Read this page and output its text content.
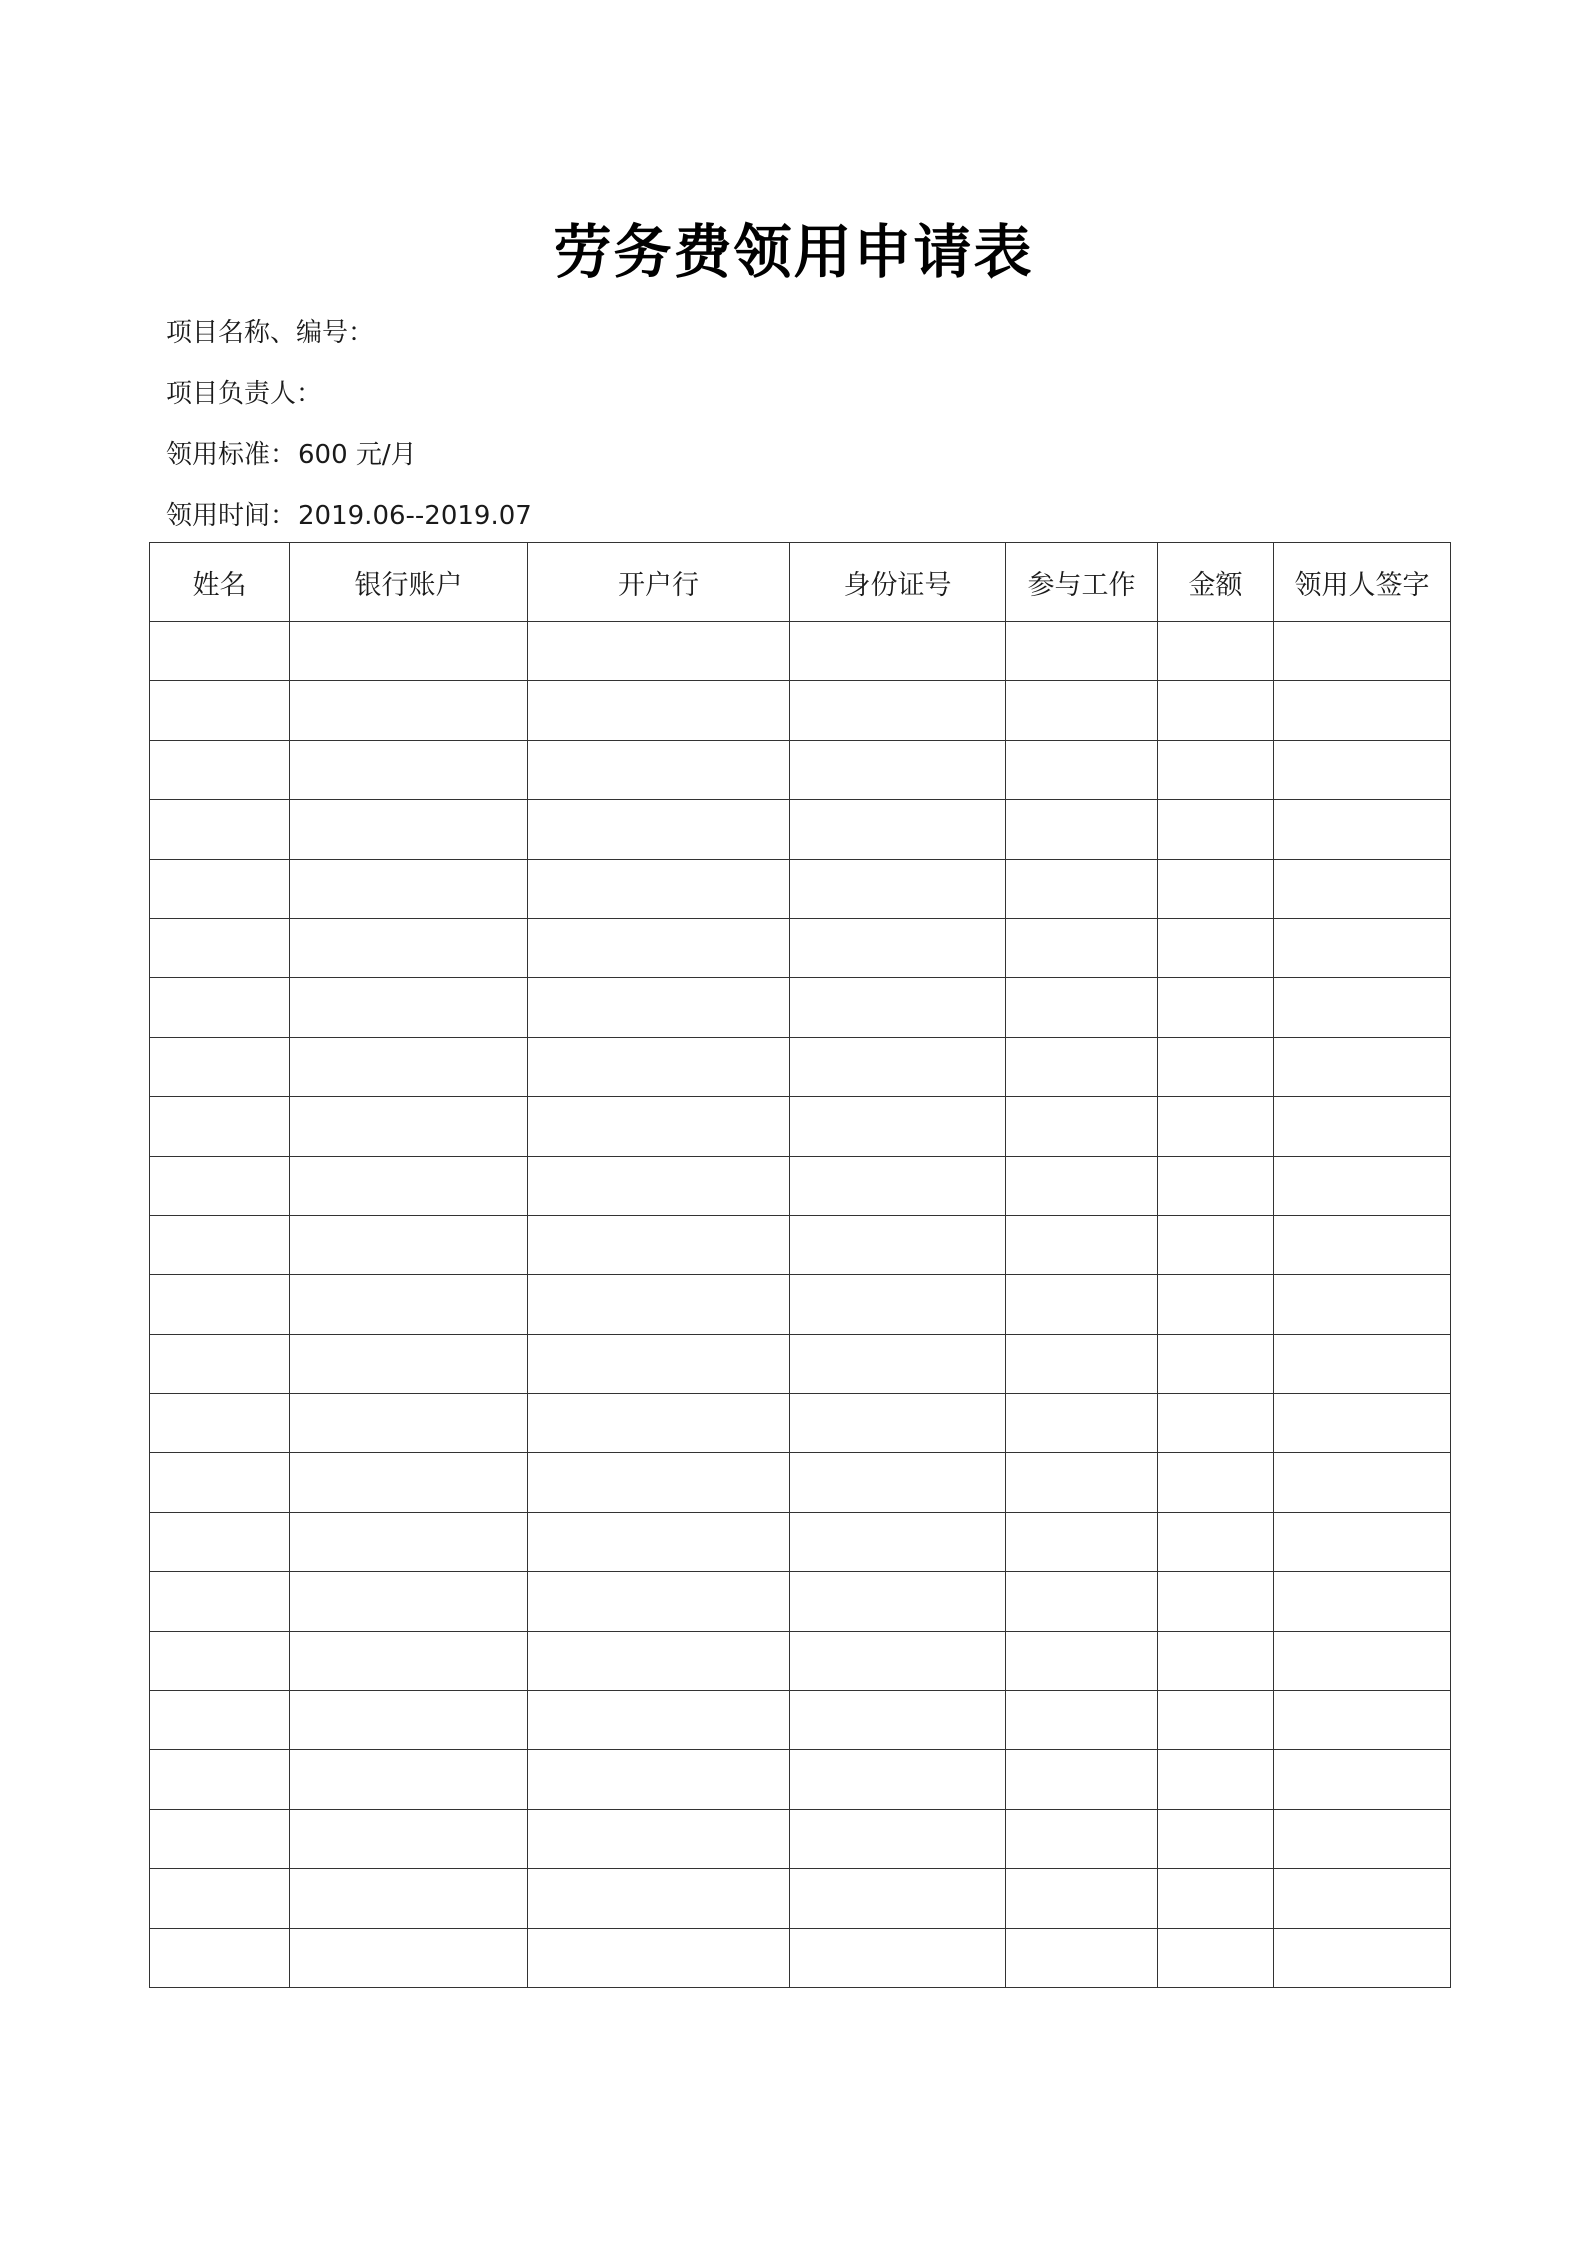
劳务费领用申请表
项目名称、编号：
项目负责人：
领用标准：600 元/月
领用时间：2019.06--2019.07
姓名	银行账户	开户行	身份证号	参与工作	金额	领用人签字
